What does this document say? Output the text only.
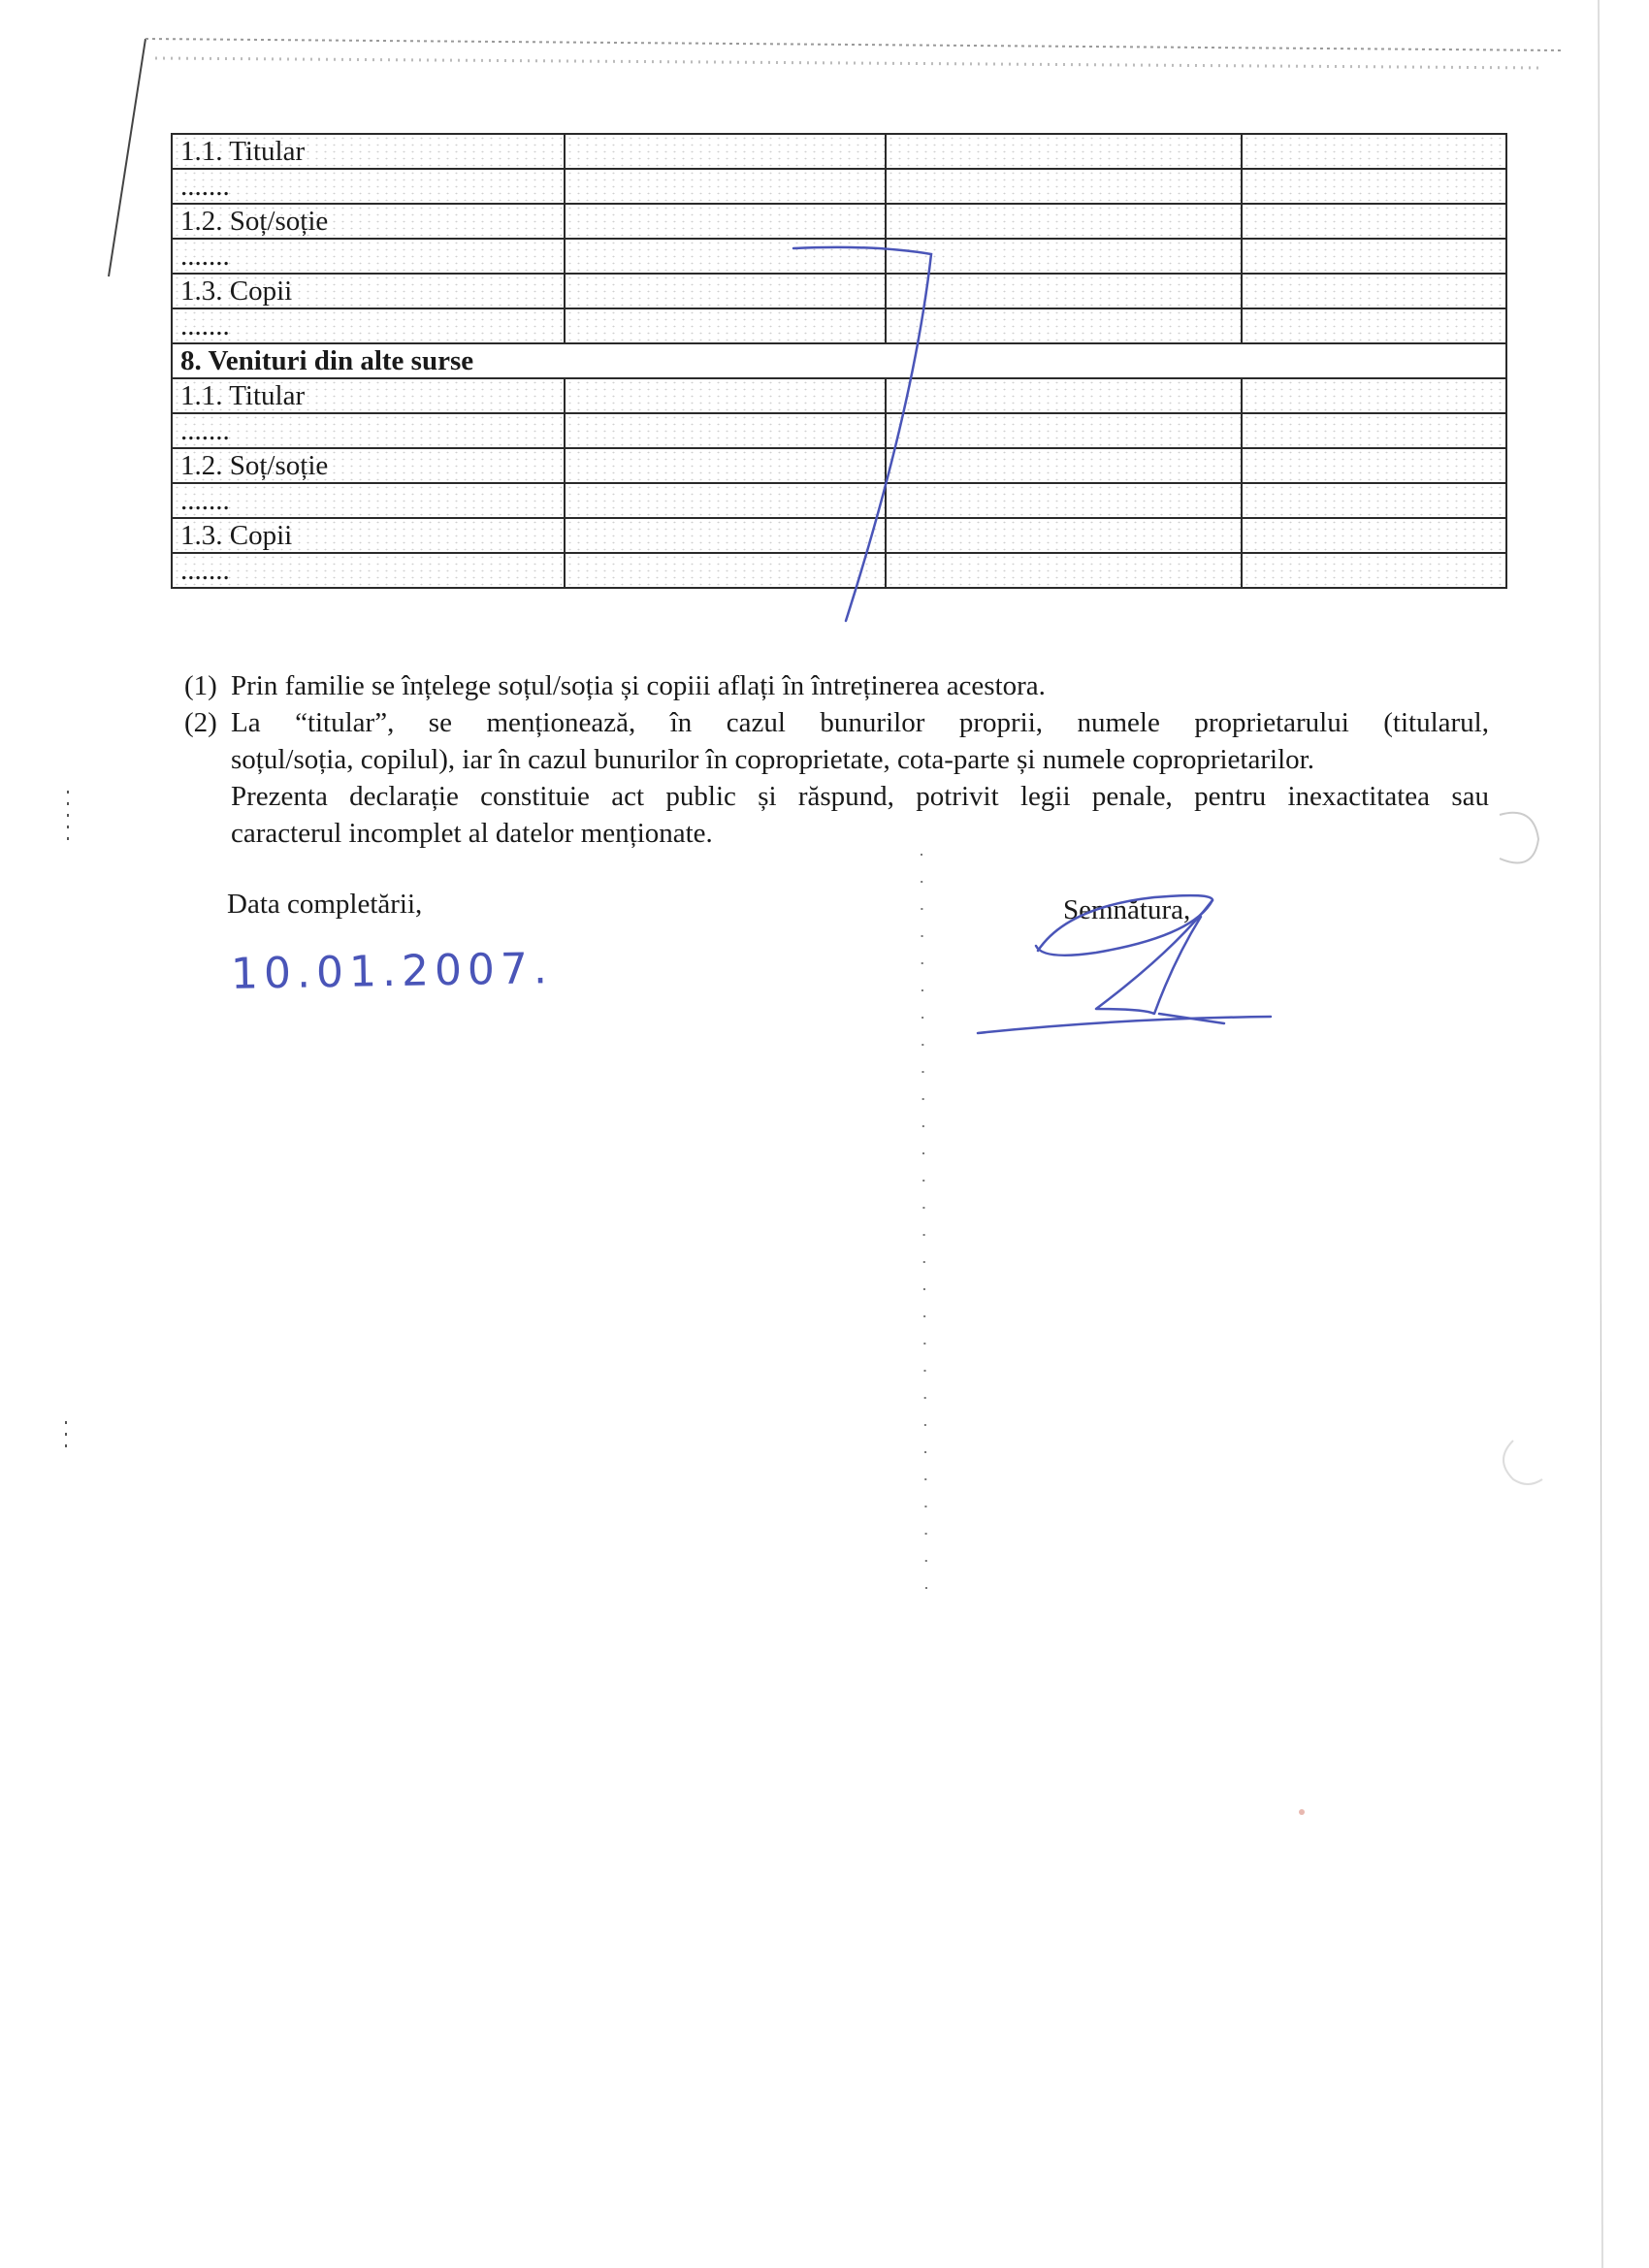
1.1. Titular			
.......			
1.2. Soț/soție			
.......			
1.3. Copii			
.......			
8. Venituri din alte surse			
1.1. Titular			
.......			
1.2. Soț/soție			
.......			
1.3. Copii			
.......			
(1) Prin familie se înțelege soțul/soția și copiii aflați în întreținerea acestora.
(2) La “titular”, se menționează, în cazul bunurilor proprii, numele proprietarului (titularul,
soțul/soția, copilul), iar în cazul bunurilor în coproprietate, cota-parte și numele coproprietarilor.
Prezenta declarație constituie act public și răspund, potrivit legii penale, pentru inexactitatea sau
caracterul incomplet al datelor menționate.
Data completării,	Semnătura,
10.01.2007.
